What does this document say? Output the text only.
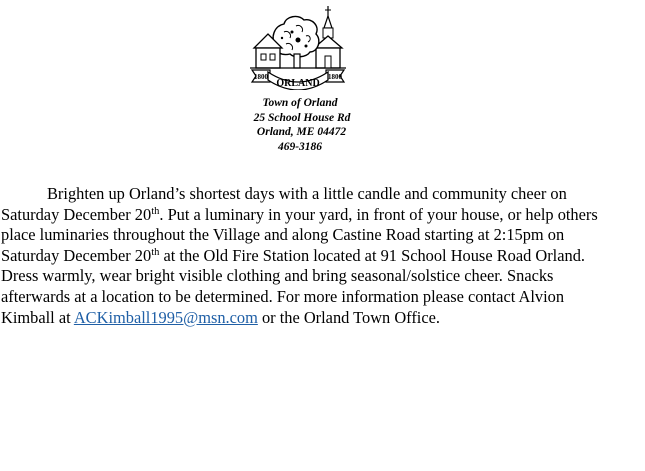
1800	1800
ORLAND
Town of Orland
25 School House Rd
Orland, ME 04472
469-3186

Brighten up Orland’s shortest days with a little candle and community cheer on Saturday December 20th. Put a luminary in your yard, in front of your house, or help others place luminaries throughout the Village and along Castine Road starting at 2:15pm on Saturday December 20th at the Old Fire Station located at 91 School House Road Orland. Dress warmly, wear bright visible clothing and bring seasonal/solstice cheer. Snacks afterwards at a location to be determined. For more information please contact Alvion Kimball at ACKimball1995@msn.com or the Orland Town Office.
